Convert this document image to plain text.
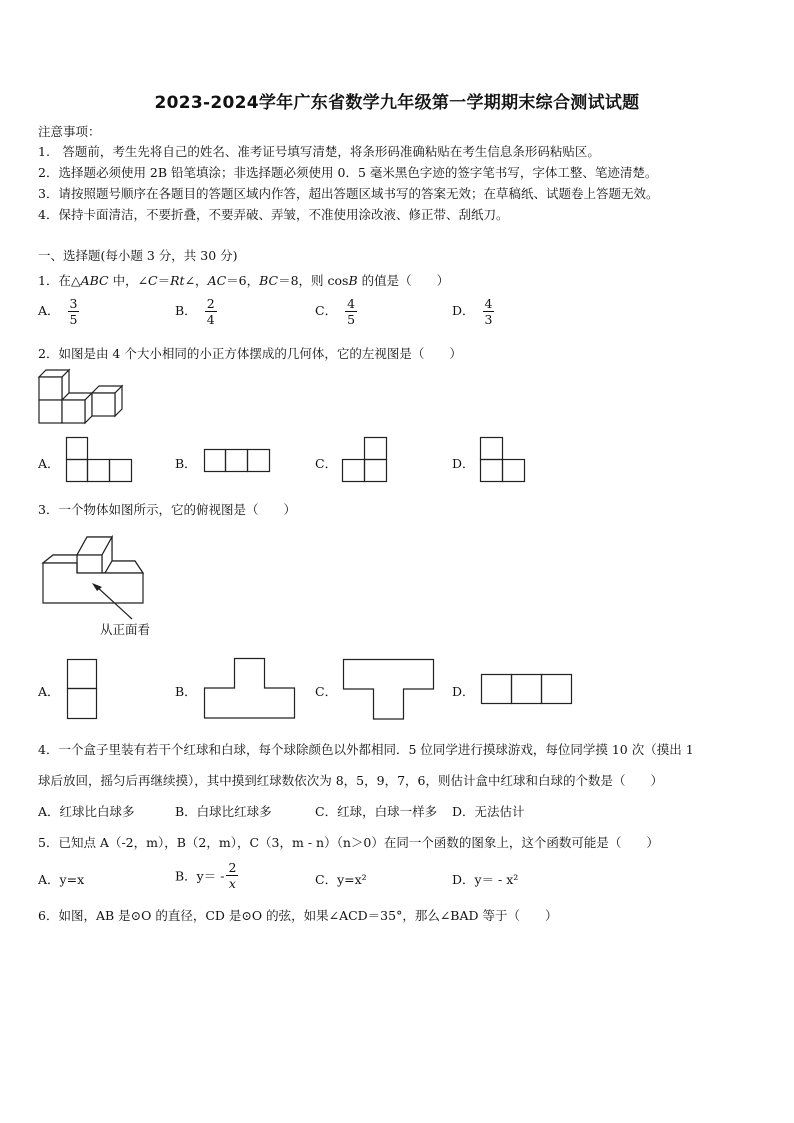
2023-2024学年广东省数学九年级第一学期期末综合测试试题
注意事项：
1.　答题前，考生先将自己的姓名、准考证号填写清楚，将条形码准确粘贴在考生信息条形码粘贴区。
2．选择题必须使用 2B 铅笔填涂；非选择题必须使用 0．5 毫米黑色字迹的签字笔书写，字体工整、笔迹清楚。
3．请按照题号顺序在各题目的答题区域内作答，超出答题区域书写的答案无效；在草稿纸、试题卷上答题无效。
4．保持卡面清洁，不要折叠，不要弄破、弄皱，不准使用涂改液、修正带、刮纸刀。
一、选择题(每小题 3 分，共 30 分)
1．在△ABC 中，∠C＝Rt∠，AC＝6，BC＝8，则 cosB 的值是（　　）
A． $\frac{3}{5}$	B． $\frac{2}{4}$	C． $\frac{4}{5}$	D． $\frac{4}{3}$
2．如图是由 4 个大小相同的小正方体摆成的几何体，它的左视图是（　　）
A．	B．	C．	D．
3．一个物体如图所示，它的俯视图是（　　）
从正面看
A．	B．	C．	D．
4．一个盒子里装有若干个红球和白球，每个球除颜色以外都相同．5 位同学进行摸球游戏，每位同学摸 10 次（摸出 1
球后放回，摇匀后再继续摸），其中摸到红球数依次为 8，5，9，7，6，则估计盒中红球和白球的个数是（　　）
A．红球比白球多	B．白球比红球多	C．红球，白球一样多 D．无法估计
5．已知点 A（-2，m），B（2，m），C（3，m - n）（n＞0）在同一个函数的图象上，这个函数可能是（　　）
A．y=x	B．$y= - \frac{2}{x}$	C．y=x²	D．y＝ - x²
6．如图，AB 是⊙O 的直径，CD 是⊙O 的弦，如果∠ACD＝35°，那么∠BAD 等于（　　）
